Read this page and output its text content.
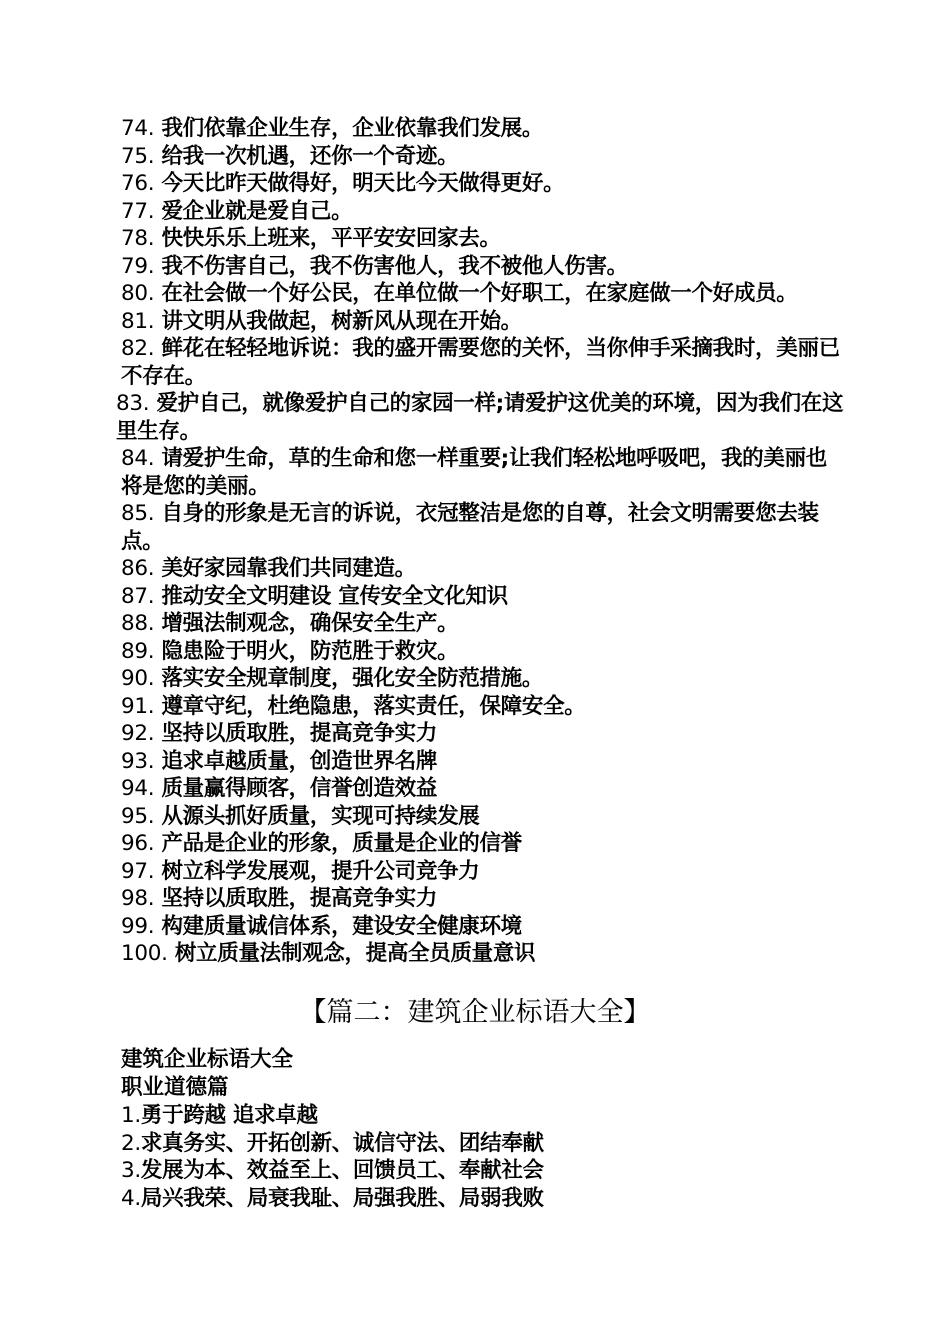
74. 我们依靠企业生存，企业依靠我们发展。
75. 给我一次机遇，还你一个奇迹。
76. 今天比昨天做得好，明天比今天做得更好。
77. 爱企业就是爱自己。
78. 快快乐乐上班来，平平安安回家去。
79. 我不伤害自己，我不伤害他人，我不被他人伤害。
80. 在社会做一个好公民，在单位做一个好职工，在家庭做一个好成员。
81. 讲文明从我做起，树新风从现在开始。
82. 鲜花在轻轻地诉说：我的盛开需要您的关怀，当你伸手采摘我时，美丽已不存在。
83. 爱护自己，就像爱护自己的家园一样;请爱护这优美的环境，因为我们在这里生存。
84. 请爱护生命，草的生命和您一样重要;让我们轻松地呼吸吧，我的美丽也将是您的美丽。
85. 自身的形象是无言的诉说，衣冠整洁是您的自尊，社会文明需要您去装点。
86. 美好家园靠我们共同建造。
87. 推动安全文明建设 宣传安全文化知识
88. 增强法制观念，确保安全生产。
89. 隐患险于明火，防范胜于救灾。
90. 落实安全规章制度，强化安全防范措施。
91. 遵章守纪，杜绝隐患，落实责任，保障安全。
92. 坚持以质取胜，提高竞争实力
93. 追求卓越质量，创造世界名牌
94. 质量赢得顾客，信誉创造效益
95. 从源头抓好质量，实现可持续发展
96. 产品是企业的形象，质量是企业的信誉
97. 树立科学发展观，提升公司竞争力
98. 坚持以质取胜，提高竞争实力
99. 构建质量诚信体系，建设安全健康环境
100. 树立质量法制观念，提高全员质量意识
【篇二：建筑企业标语大全】
建筑企业标语大全
职业道德篇
1.勇于跨越 追求卓越
2.求真务实、开拓创新、诚信守法、团结奉献
3.发展为本、效益至上、回馈员工、奉献社会
4.局兴我荣、局衰我耻、局强我胜、局弱我败
